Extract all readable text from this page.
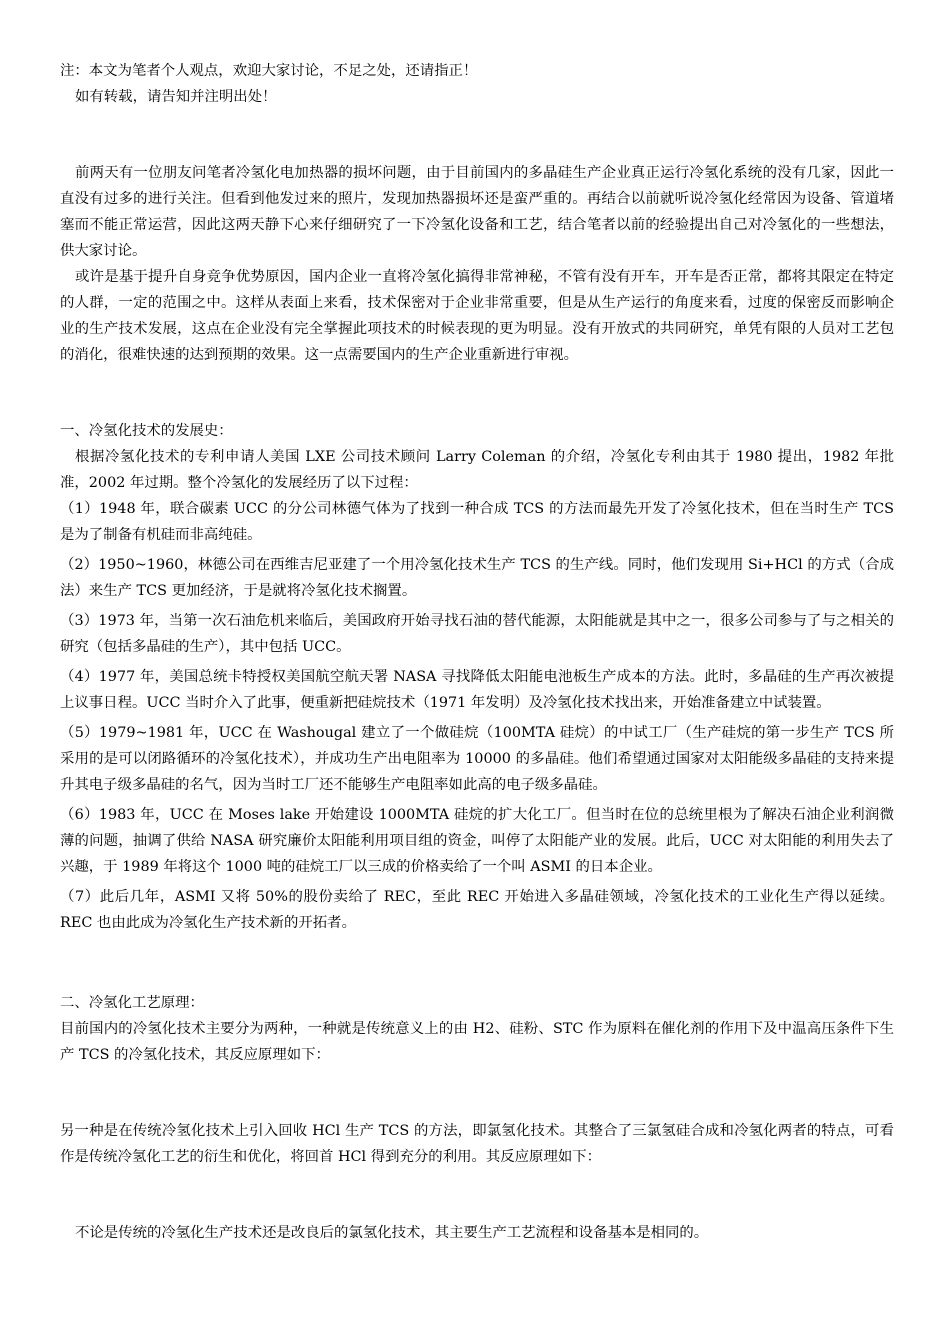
注：本文为笔者个人观点，欢迎大家讨论，不足之处，还请指正！

如有转载，请告知并注明出处！

前两天有一位朋友问笔者冷氢化电加热器的损坏问题，由于目前国内的多晶硅生产企业真正运行冷氢化系统的没有几家，因此一直没有过多的进行关注。但看到他发过来的照片，发现加热器损坏还是蛮严重的。再结合以前就听说冷氢化经常因为设备、管道堵塞而不能正常运营，因此这两天静下心来仔细研究了一下冷氢化设备和工艺，结合笔者以前的经验提出自己对冷氢化的一些想法，供大家讨论。

或许是基于提升自身竞争优势原因，国内企业一直将冷氢化搞得非常神秘，不管有没有开车，开车是否正常，都将其限定在特定的人群，一定的范围之中。这样从表面上来看，技术保密对于企业非常重要，但是从生产运行的角度来看，过度的保密反而影响企业的生产技术发展，这点在企业没有完全掌握此项技术的时候表现的更为明显。没有开放式的共同研究，单凭有限的人员对工艺包的消化，很难快速的达到预期的效果。这一点需要国内的生产企业重新进行审视。

一、冷氢化技术的发展史：

根据冷氢化技术的专利申请人美国 LXE 公司技术顾问 Larry Coleman 的介绍，冷氢化专利由其于 1980 提出，1982 年批准，2002 年过期。整个冷氢化的发展经历了以下过程：

（1）1948 年，联合碳素 UCC 的分公司林德气体为了找到一种合成 TCS 的方法而最先开发了冷氢化技术，但在当时生产 TCS 是为了制备有机硅而非高纯硅。

（2）1950~1960，林德公司在西维吉尼亚建了一个用冷氢化技术生产 TCS 的生产线。同时，他们发现用 Si+HCl 的方式（合成法）来生产 TCS 更加经济，于是就将冷氢化技术搁置。

（3）1973 年，当第一次石油危机来临后，美国政府开始寻找石油的替代能源，太阳能就是其中之一，很多公司参与了与之相关的研究（包括多晶硅的生产），其中包括 UCC。

（4）1977 年，美国总统卡特授权美国航空航天署 NASA 寻找降低太阳能电池板生产成本的方法。此时，多晶硅的生产再次被提上议事日程。UCC 当时介入了此事，便重新把硅烷技术（1971 年发明）及冷氢化技术找出来，开始准备建立中试装置。

（5）1979~1981 年，UCC 在 Washougal 建立了一个做硅烷（100MTA 硅烷）的中试工厂（生产硅烷的第一步生产 TCS 所采用的是可以闭路循环的冷氢化技术），并成功生产出电阻率为 10000 的多晶硅。他们希望通过国家对太阳能级多晶硅的支持来提升其电子级多晶硅的名气，因为当时工厂还不能够生产电阻率如此高的电子级多晶硅。

（6）1983 年，UCC 在 Moses lake 开始建设 1000MTA 硅烷的扩大化工厂。但当时在位的总统里根为了解决石油企业利润微薄的问题，抽调了供给 NASA 研究廉价太阳能利用项目组的资金，叫停了太阳能产业的发展。此后，UCC 对太阳能的利用失去了兴趣，于 1989 年将这个 1000 吨的硅烷工厂以三成的价格卖给了一个叫 ASMI 的日本企业。

（7）此后几年，ASMI 又将 50%的股份卖给了 REC，至此 REC 开始进入多晶硅领域，冷氢化技术的工业化生产得以延续。REC 也由此成为冷氢化生产技术新的开拓者。

二、冷氢化工艺原理：

目前国内的冷氢化技术主要分为两种，一种就是传统意义上的由 H2、硅粉、STC 作为原料在催化剂的作用下及中温高压条件下生产 TCS 的冷氢化技术，其反应原理如下：

另一种是在传统冷氢化技术上引入回收 HCl 生产 TCS 的方法，即氯氢化技术。其整合了三氯氢硅合成和冷氢化两者的特点，可看作是传统冷氢化工艺的衍生和优化，将回首 HCl 得到充分的利用。其反应原理如下：

不论是传统的冷氢化生产技术还是改良后的氯氢化技术，其主要生产工艺流程和设备基本是相同的。
